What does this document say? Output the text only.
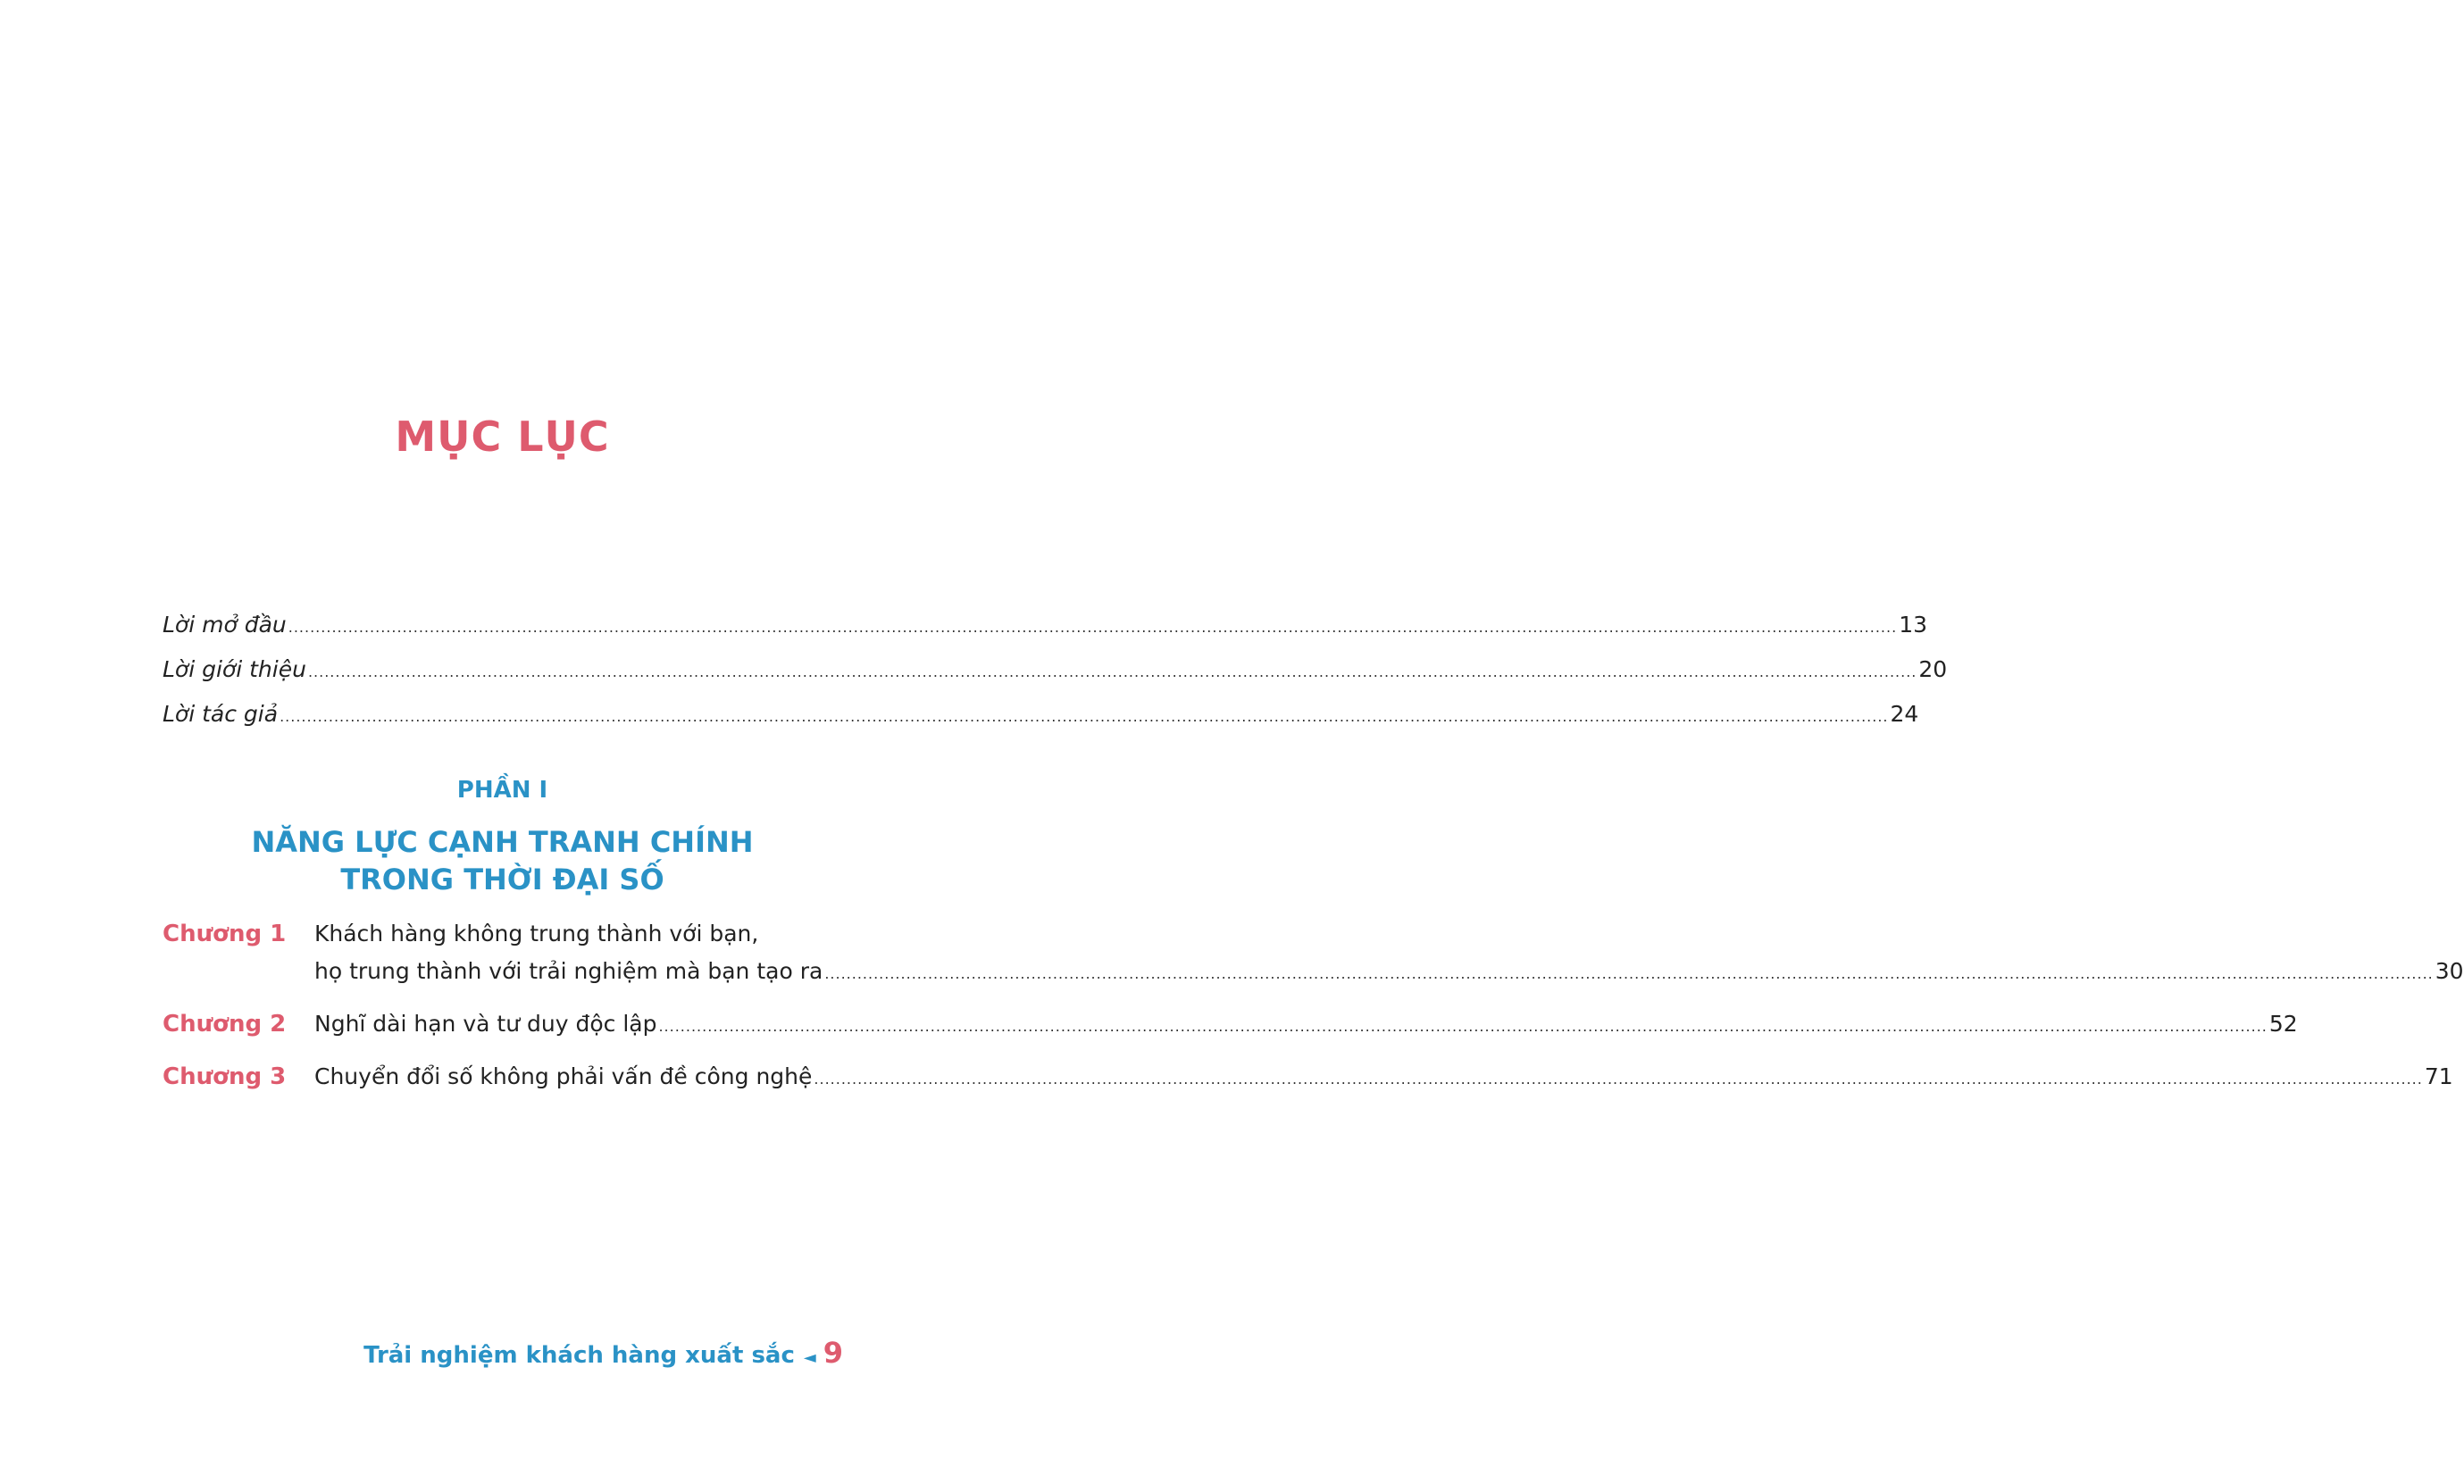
MỤC LỤC
Lời mở đầu .....	13
Lời giới thiệu .....	20
Lời tác giả .....	24
PHẦN I
NĂNG LỰC CẠNH TRANH CHÍNH
TRONG THỜI ĐẠI SỐ
Chương 1	Khách hàng không trung thành với bạn,
họ trung thành với trải nghiệm mà bạn tạo ra .....	30
Chương 2	Nghĩ dài hạn và tư duy độc lập .....	52
Chương 3	Chuyển đổi số không phải vấn đề công nghệ .....	71
Trải nghiệm khách hàng xuất sắc ◄ 9
